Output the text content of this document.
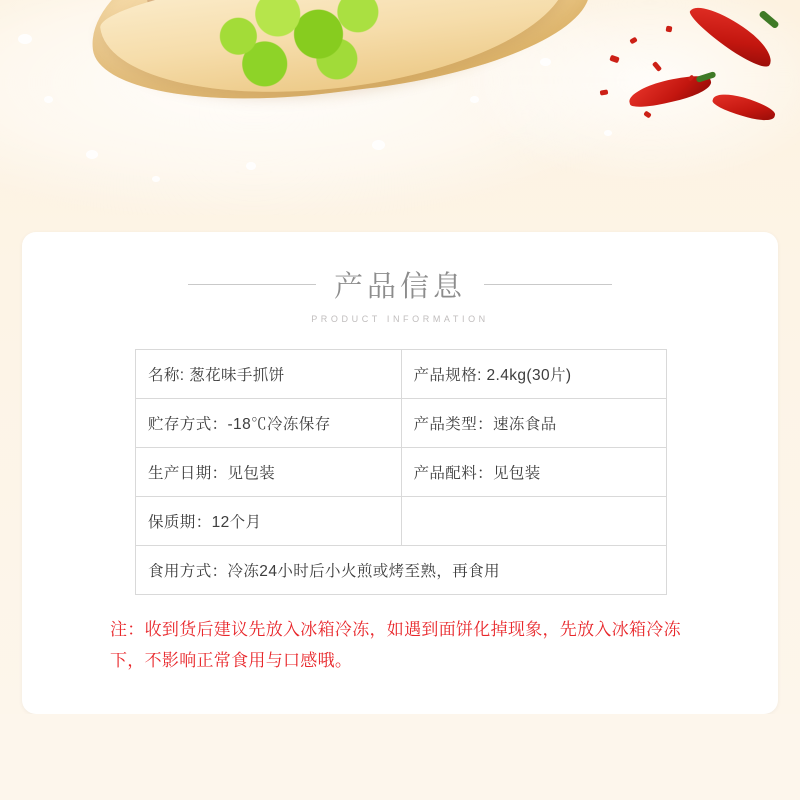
产品信息
PRODUCT INFORMATION
名称: 葱花味手抓饼	产品规格: 2.4kg(30片)
贮存方式：-18℃冷冻保存	产品类型：速冻食品
生产日期：见包装	产品配料：见包装
保质期：12个月	
食用方式：冷冻24小时后小火煎或烤至熟，再食用	
注：收到货后建议先放入冰箱冷冻，如遇到面饼化掉现象，先放入冰箱冷冻下，不影响正常食用与口感哦。
